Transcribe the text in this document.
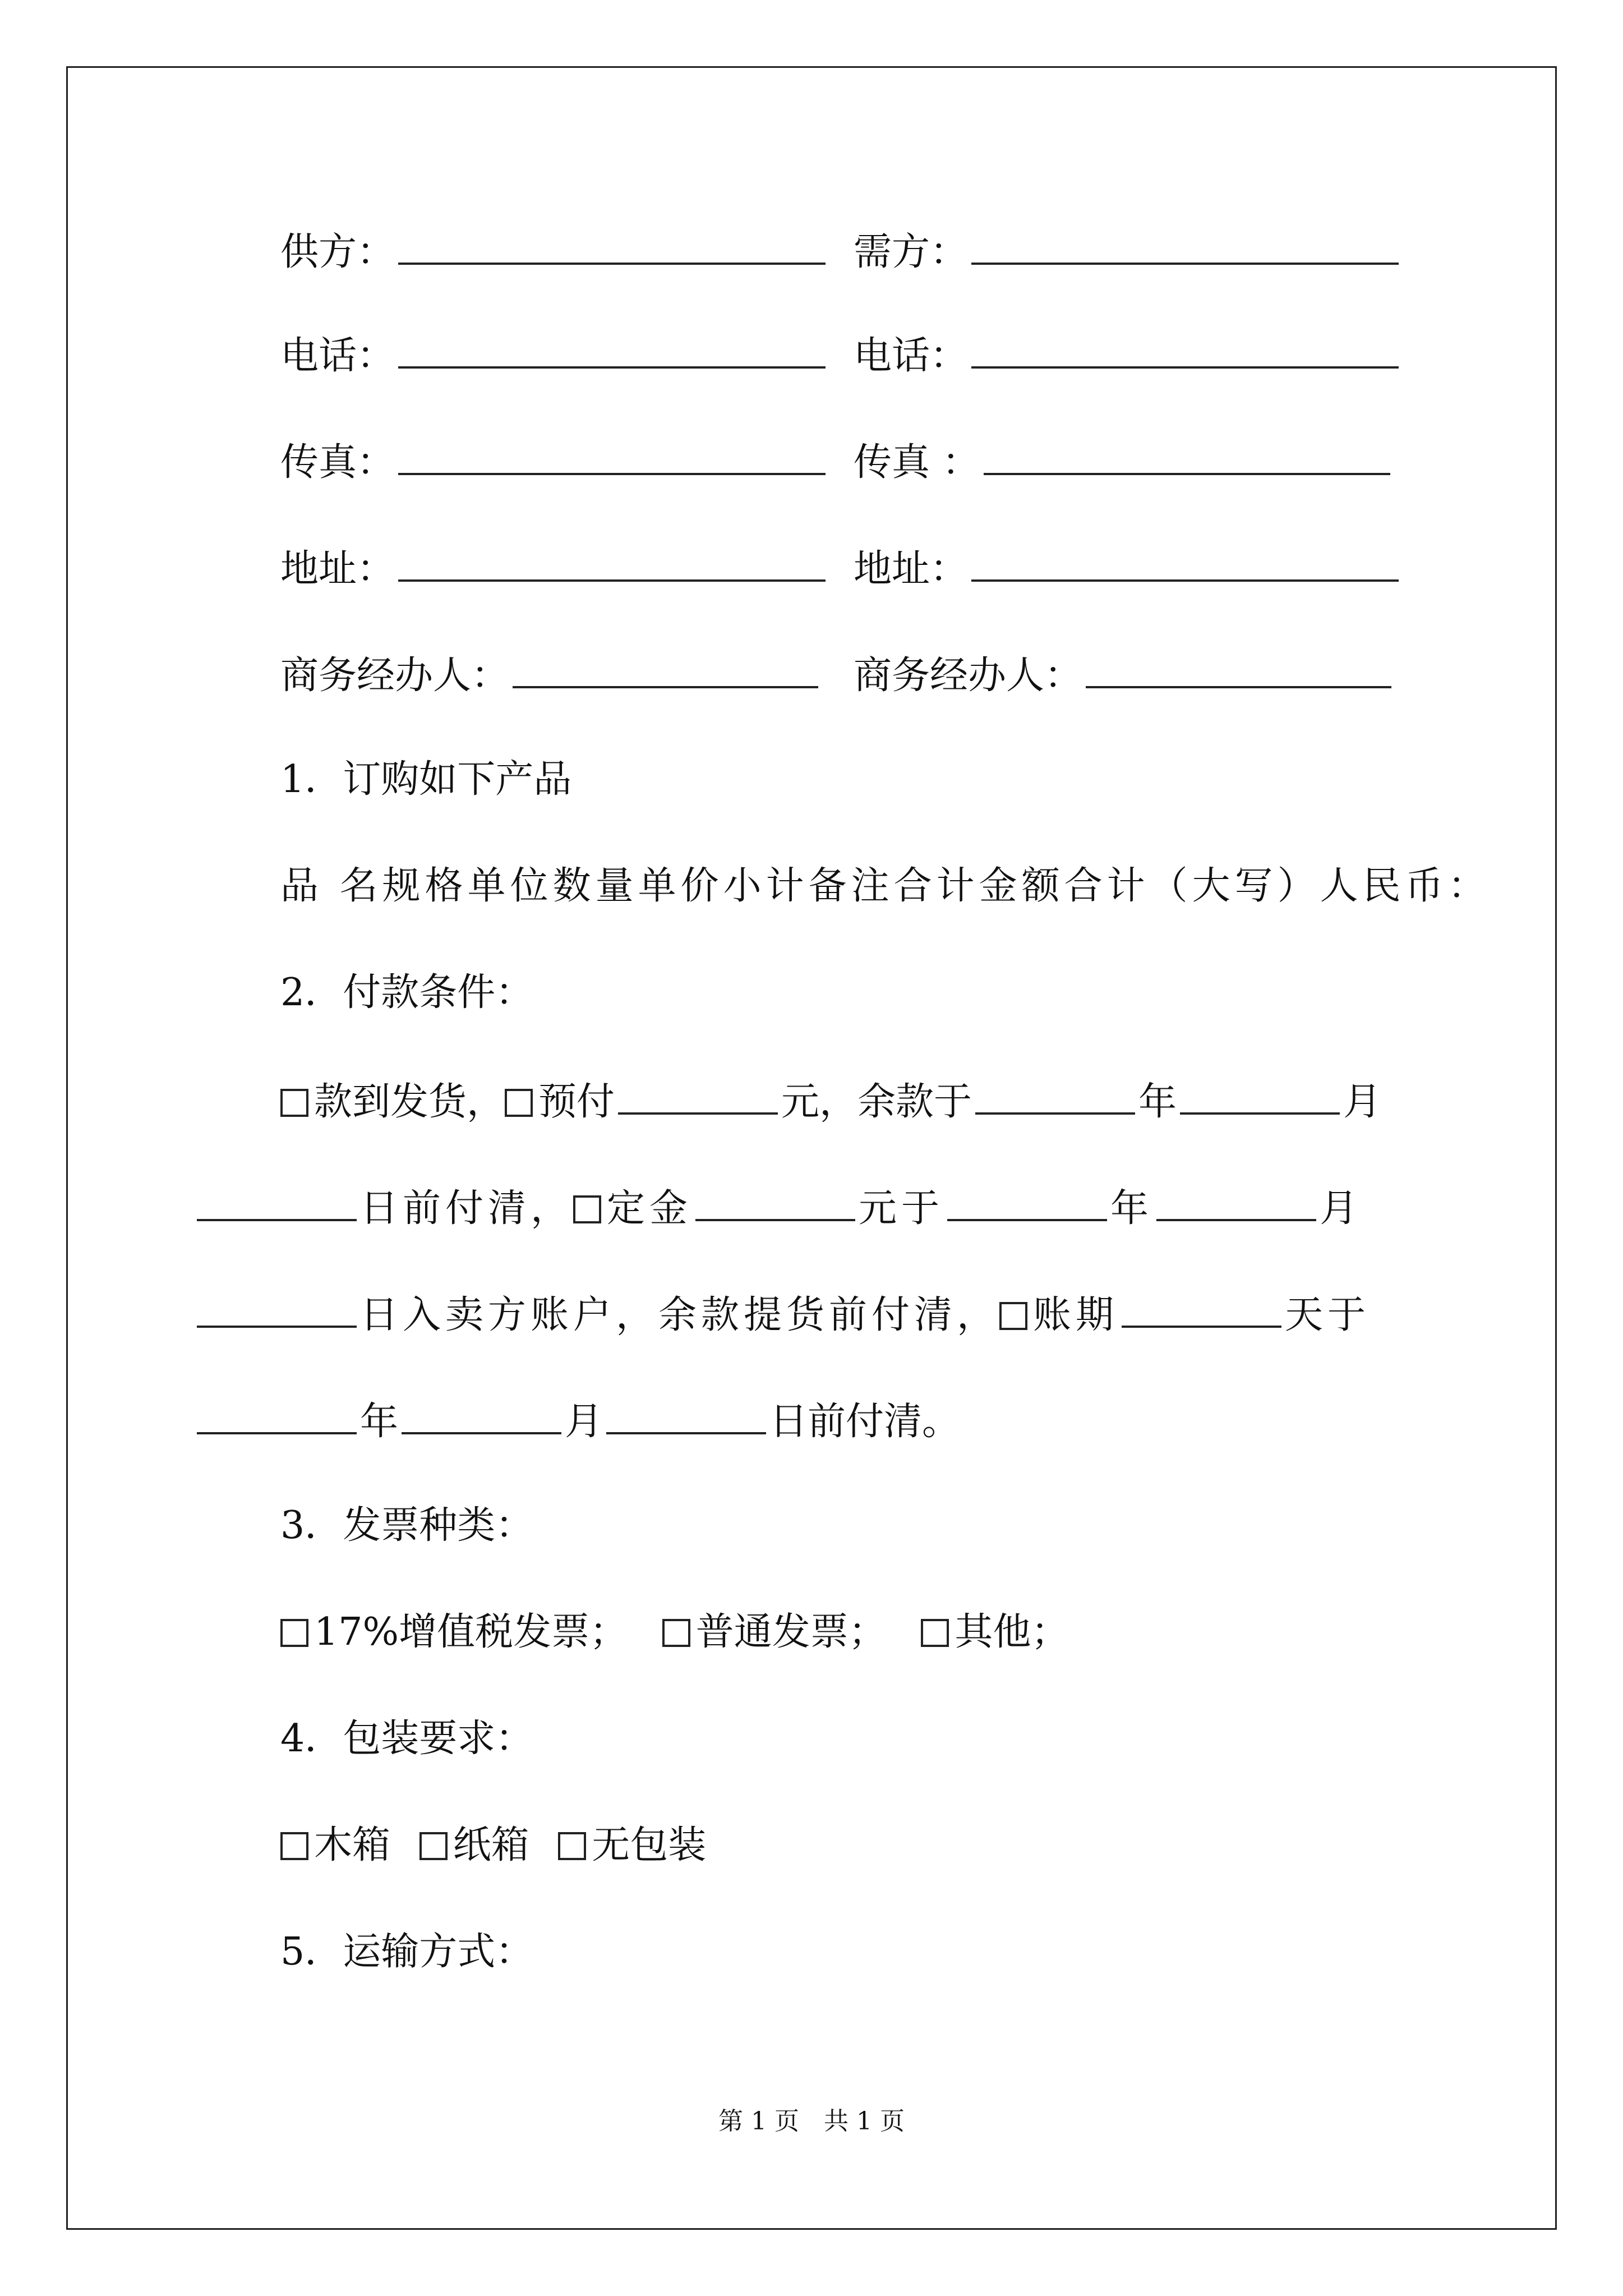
供方：	需方：
电话：	电话：
传真：	传真 ：
地址：	地址：
商务经办人：	商务经办人：
1．订购如下产品
品 名规格单位数量单价小计备注合计金额合计（大写）人民币：
2．付款条件：
款到发货， 预付	元，余款于	年	月
日前付清， 定金	元于	年	月
日入卖方账户，余款提货前付清， 账期	天于
年	月	日前付清。
3．发票种类：
17%增值税发票； 普通发票； 其他；
4．包装要求：
木箱 纸箱 无包装
5．运输方式：
第 1 页　共 1 页
